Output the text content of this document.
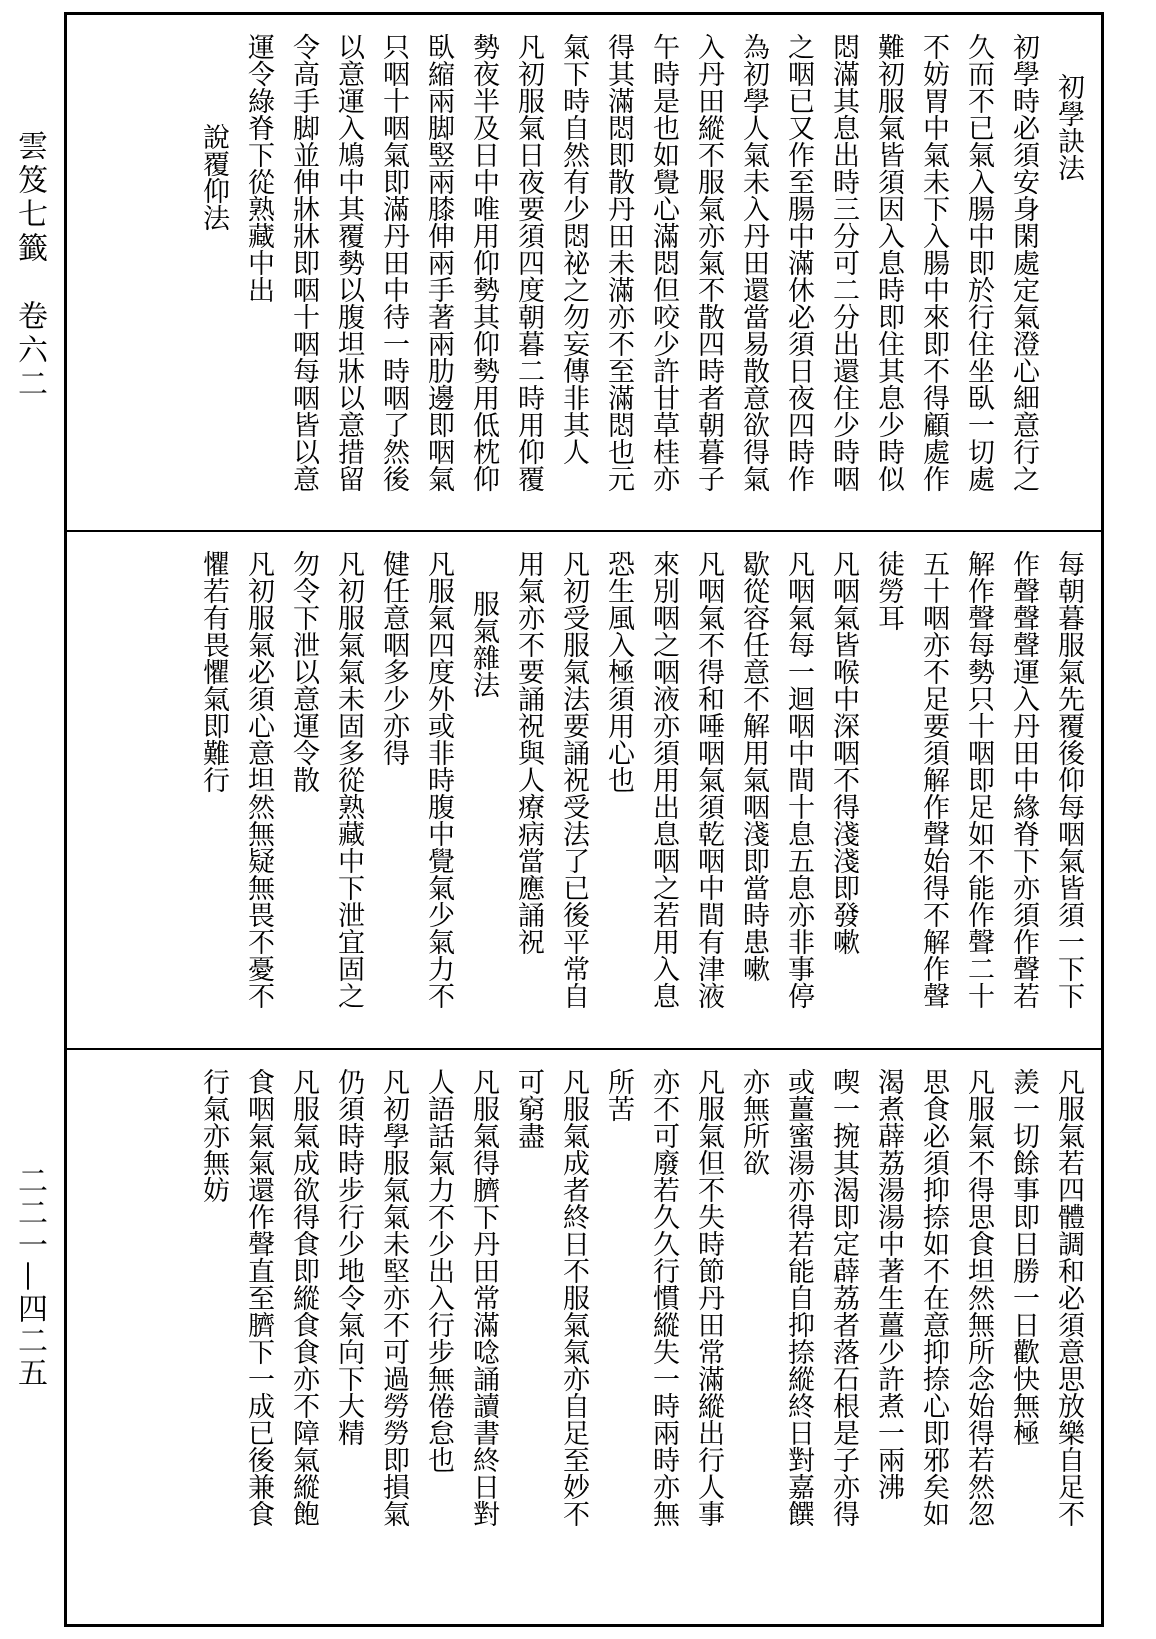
雲笈七籤　卷六二
二二一—四二五
初學訣法
初學時必須安身閑處定氣澄心細意行之
久而不已氣入腸中即於行住坐臥一切處
不妨胃中氣未下入腸中來即不得顧處作
難初服氣皆須因入息時即住其息少時似
悶滿其息出時三分可二分出還住少時咽
之咽已又作至腸中滿休必須日夜四時作
為初學人氣未入丹田還當易散意欲得氣
入丹田縱不服氣亦氣不散四時者朝暮子
午時是也如覺心滿悶但咬少許甘草桂亦
得其滿悶即散丹田未滿亦不至滿悶也元
氣下時自然有少悶祕之勿妄傳非其人
凡初服氣日夜要須四度朝暮二時用仰覆
勢夜半及日中唯用仰勢其仰勢用低枕仰
臥縮兩脚竪兩膝伸兩手著兩肋邊即咽氣
只咽十咽氣即滿丹田中待一時咽了然後
以意運入鳩中其覆勢以腹坦牀以意措留
令高手脚並伸牀牀即咽十咽每咽皆以意
運令綠脊下從熟藏中出
說覆仰法
每朝暮服氣先覆後仰每咽氣皆須一下下
作聲聲聲運入丹田中緣脊下亦須作聲若
解作聲每勢只十咽即足如不能作聲二十
五十咽亦不足要須解作聲始得不解作聲
徒勞耳
凡咽氣皆喉中深咽不得淺淺即發嗽
凡咽氣每一迴咽中間十息五息亦非事停
歇從容任意不解用氣咽淺即當時患嗽
凡咽氣不得和唾咽氣須乾咽中間有津液
來別咽之咽液亦須用出息咽之若用入息
恐生風入極須用心也
凡初受服氣法要誦祝受法了已後平常自
用氣亦不要誦祝與人療病當應誦祝
服氣雜法
凡服氣四度外或非時腹中覺氣少氣力不
健任意咽多少亦得
凡初服氣氣未固多從熟藏中下泄宜固之
勿令下泄以意運令散
凡初服氣必須心意坦然無疑無畏不憂不
懼若有畏懼氣即難行
凡服氣若四體調和必須意思放樂自足不
羨一切餘事即日勝一日歡快無極
凡服氣不得思食坦然無所念始得若然忽
思食必須抑捺如不在意抑捺心即邪矣如
渴煮薜荔湯湯中著生薑少許煮一兩沸
喫一捥其渴即定薜荔者落石根是子亦得
或薑蜜湯亦得若能自抑捺縱終日對嘉饌
亦無所欲
凡服氣但不失時節丹田常滿縱出行人事
亦不可廢若久久行慣縱失一時兩時亦無
所苦
凡服氣成者終日不服氣氣亦自足至妙不
可窮盡
凡服氣得臍下丹田常滿唸誦讀書終日對
人語話氣力不少出入行步無倦怠也
凡初學服氣氣未堅亦不可過勞勞即損氣
仍須時時步行少地令氣向下大精
凡服氣成欲得食即縱食食亦不障氣縱飽
食咽氣氣還作聲直至臍下一成已後兼食
行氣亦無妨
